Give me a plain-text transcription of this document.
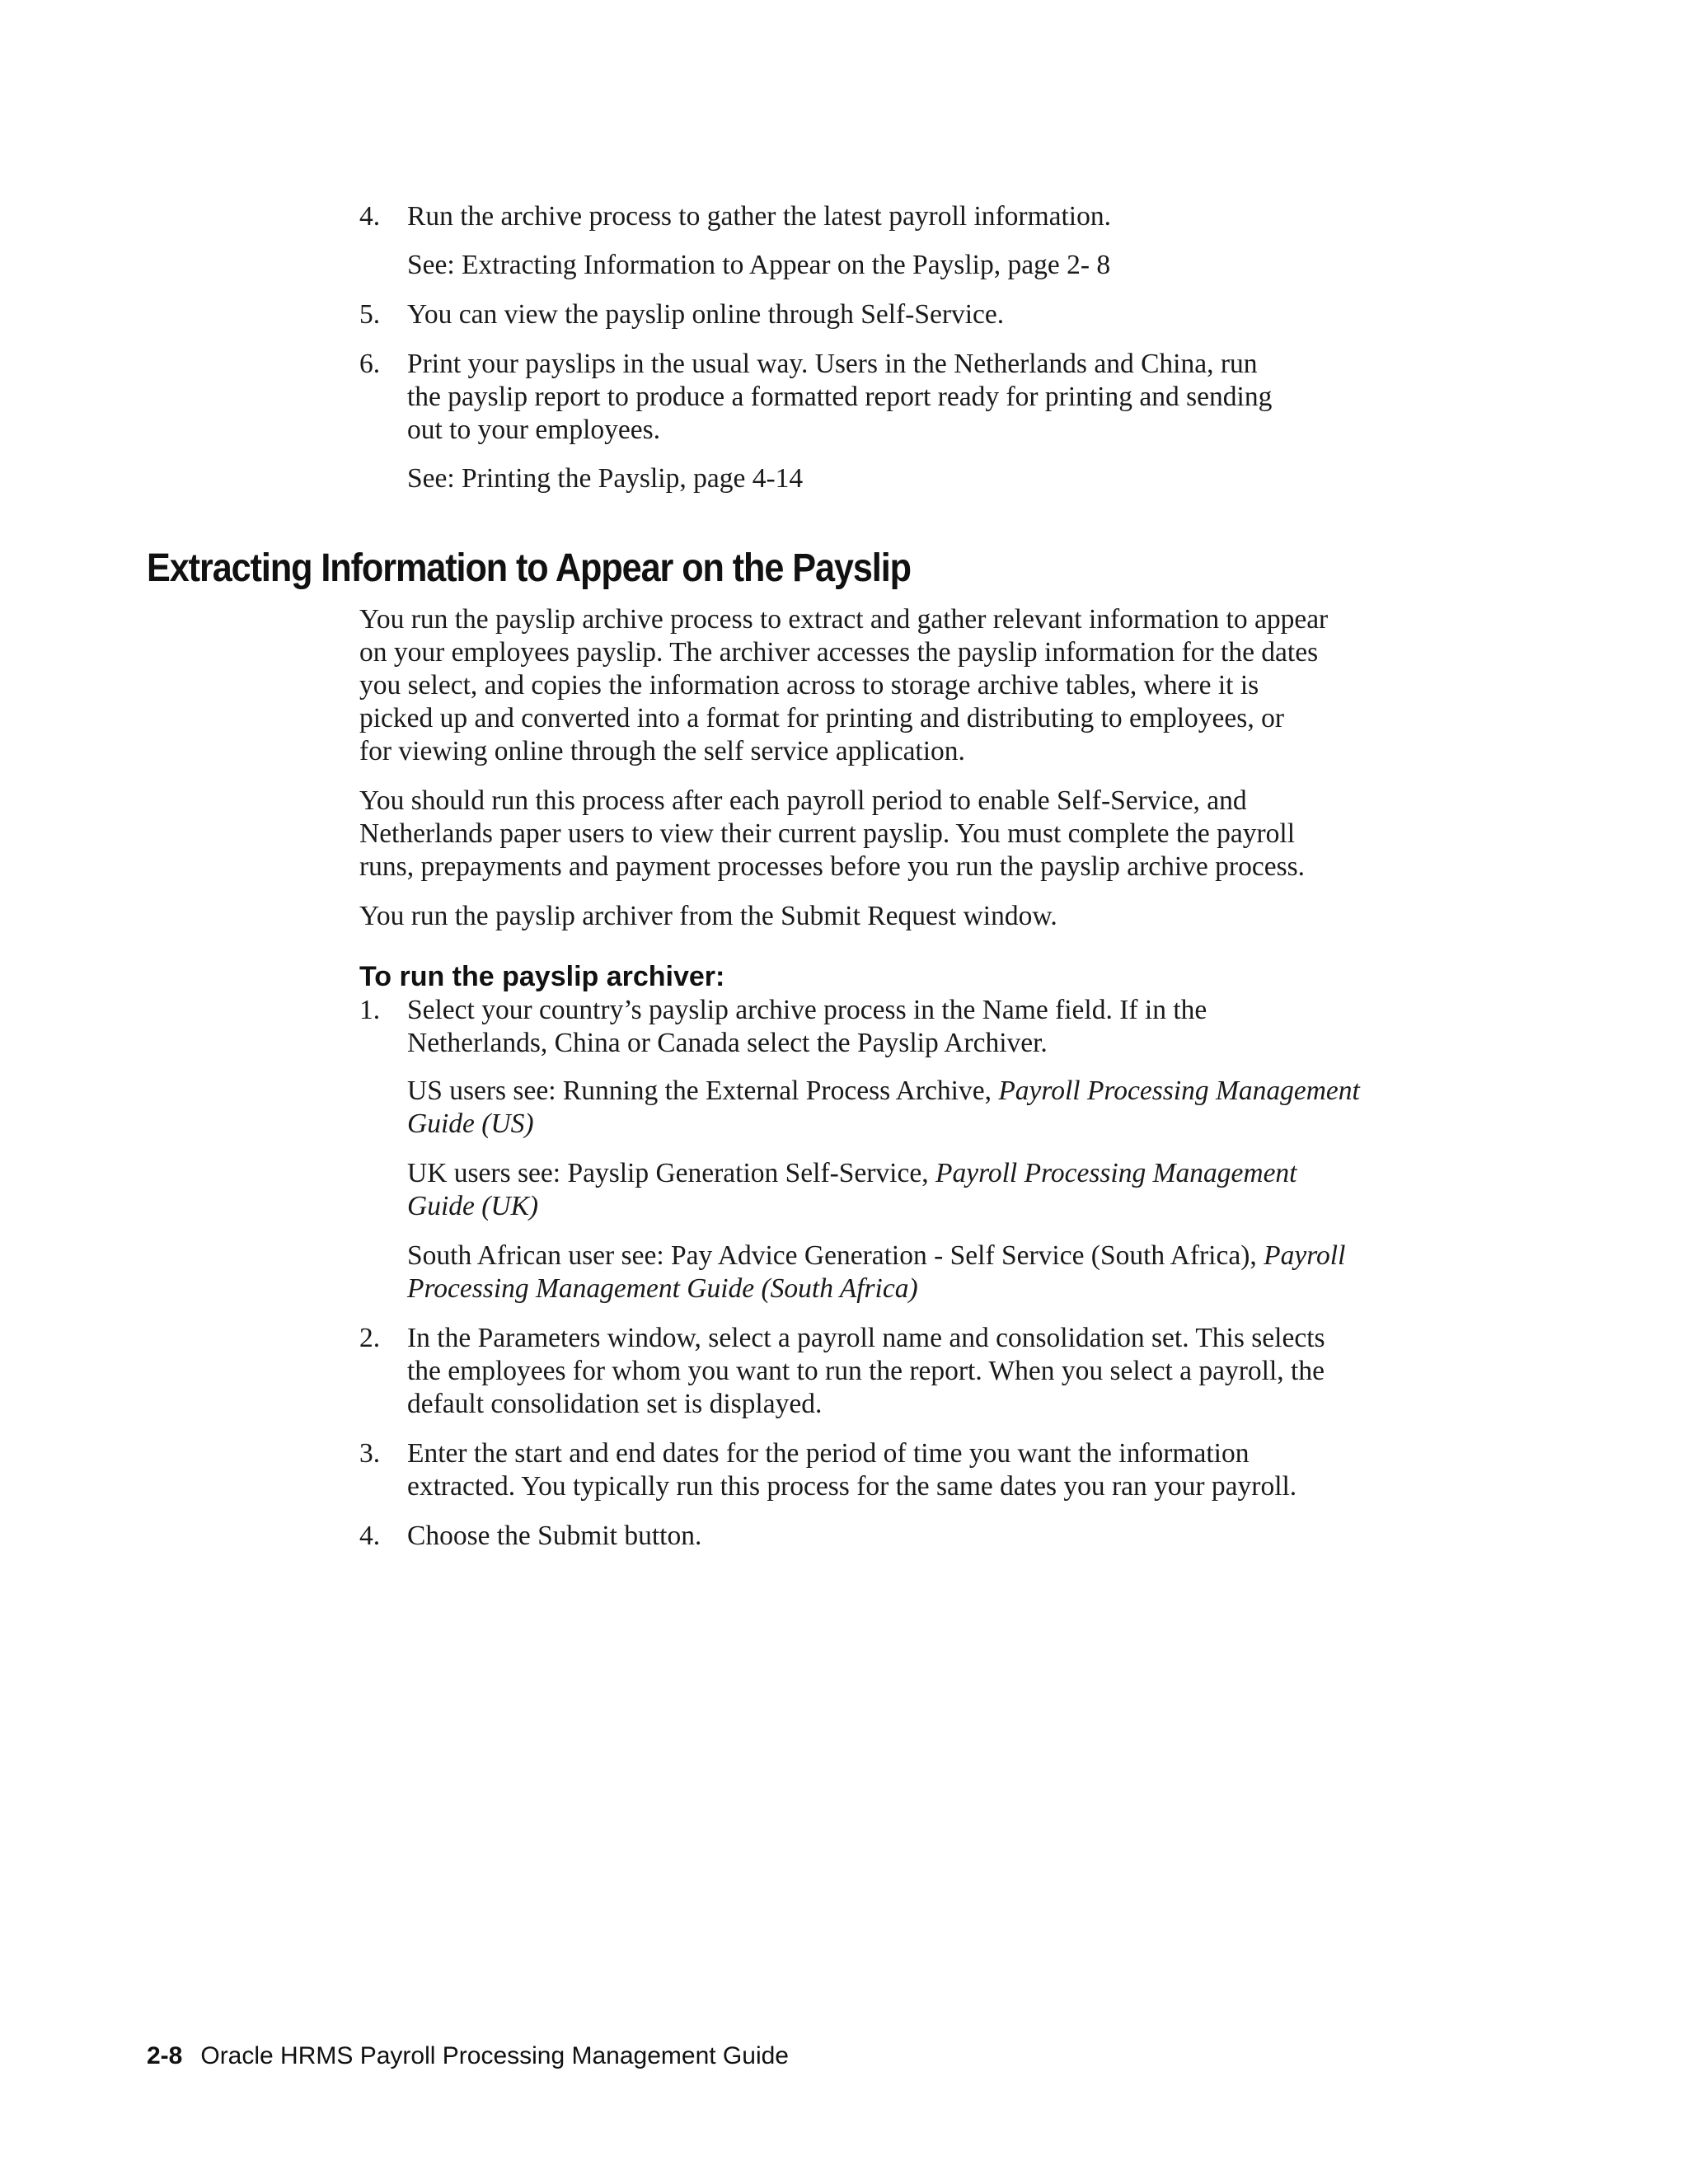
4. Run the archive process to gather the latest payroll information.

See: Extracting Information to Appear on the Payslip, page 2- 8

5. You can view the payslip online through Self-Service.

6. Print your payslips in the usual way. Users in the Netherlands and China, run

the payslip report to produce a formatted report ready for printing and sending

out to your employees.

See: Printing the Payslip, page 4-14

Extracting Information to Appear on the Payslip

You run the payslip archive process to extract and gather relevant information to appear

on your employees payslip. The archiver accesses the payslip information for the dates

you select, and copies the information across to storage archive tables, where it is

picked up and converted into a format for printing and distributing to employees, or

for viewing online through the self service application.

You should run this process after each payroll period to enable Self-Service, and

Netherlands paper users to view their current payslip. You must complete the payroll

runs, prepayments and payment processes before you run the payslip archive process.

You run the payslip archiver from the Submit Request window.

To run the payslip archiver:
1. Select your country’s payslip archive process in the Name field. If in the

Netherlands, China or Canada select the Payslip Archiver.

US users see: Running the External Process Archive, Payroll Processing Management
Guide (US)
UK users see: Payslip Generation Self-Service, Payroll Processing Management
Guide (UK)
South African user see: Pay Advice Generation - Self Service (South Africa), Payroll
Processing Management Guide (South Africa)
2. In the Parameters window, select a payroll name and consolidation set. This selects

the employees for whom you want to run the report. When you select a payroll, the

default consolidation set is displayed.

3. Enter the start and end dates for the period of time you want the information

extracted. You typically run this process for the same dates you ran your payroll.

4. Choose the Submit button.

2-8 Oracle HRMS Payroll Processing Management Guide
